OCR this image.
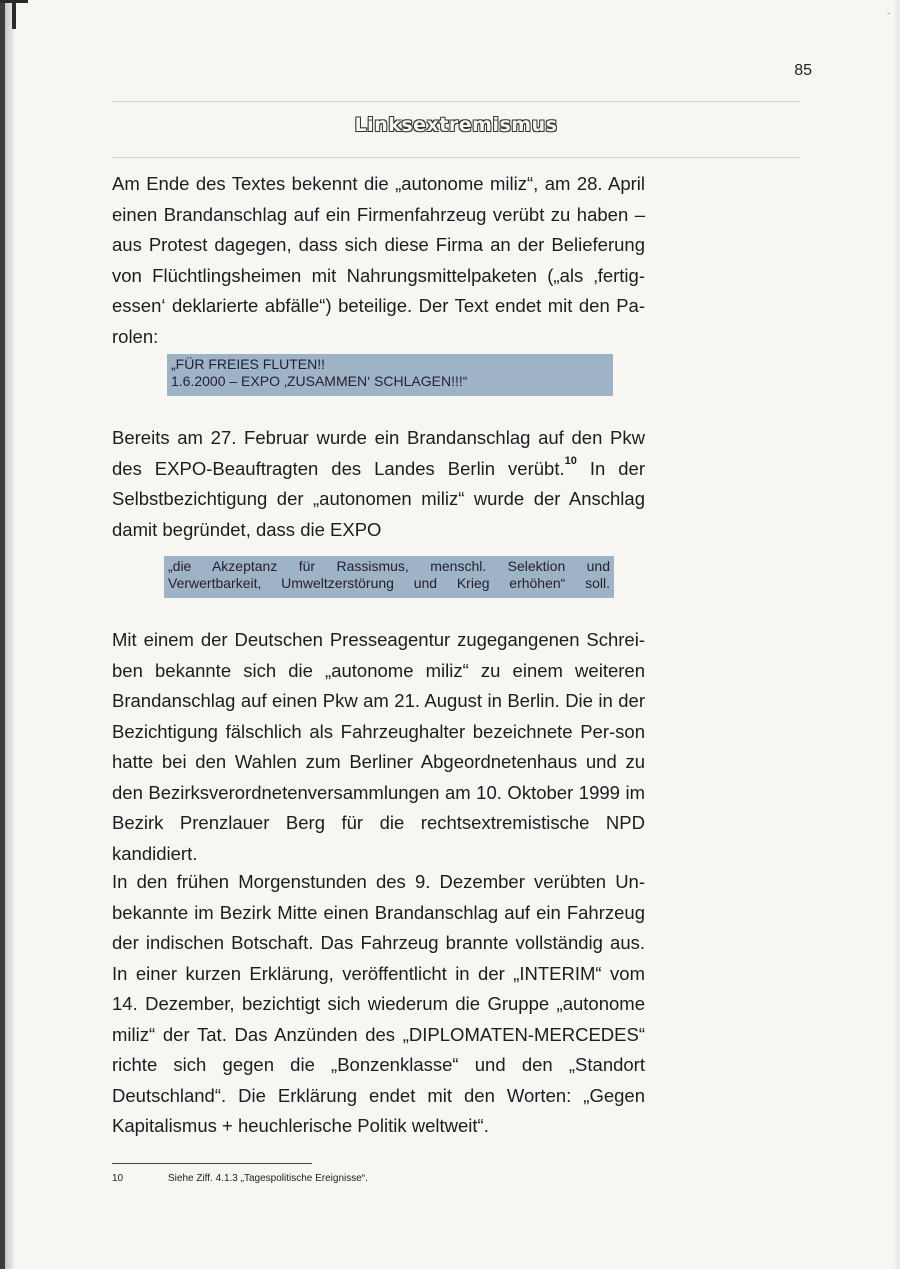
-
85
Linksextremismus

Am Ende des Textes bekennt die „autonome miliz“, am 28. April einen Brandanschlag auf ein Firmenfahrzeug verübt zu haben – aus Protest dagegen, dass sich diese Firma an der Belieferung von Flüchtlingsheimen mit Nahrungsmittelpaketen („als ‚fertig-essen‘ deklarierte abfälle“) beteilige. Der Text endet mit den Pa-rolen:

„FÜR FREIES FLUTEN!!
1.6.2000 – EXPO ‚ZUSAMMEN‘ SCHLAGEN!!!“

Bereits am 27. Februar wurde ein Brandanschlag auf den Pkw des EXPO-Beauftragten des Landes Berlin verübt.$^{10}$ In der Selbstbezichtigung der „autonomen miliz“ wurde der Anschlag damit begründet, dass die EXPO

„die Akzeptanz für Rassismus, menschl. Selektion und
Verwertbarkeit, Umweltzerstörung und Krieg erhöhen“ soll.

Mit einem der Deutschen Presseagentur zugegangenen Schrei-ben bekannte sich die „autonome miliz“ zu einem weiteren Brandanschlag auf einen Pkw am 21. August in Berlin. Die in der Bezichtigung fälschlich als Fahrzeughalter bezeichnete Per-son hatte bei den Wahlen zum Berliner Abgeordnetenhaus und zu den Bezirksverordnetenversammlungen am 10. Oktober 1999 im Bezirk Prenzlauer Berg für die rechtsextremistische NPD kandidiert.

In den frühen Morgenstunden des 9. Dezember verübten Un-bekannte im Bezirk Mitte einen Brandanschlag auf ein Fahrzeug der indischen Botschaft. Das Fahrzeug brannte vollständig aus. In einer kurzen Erklärung, veröffentlicht in der „INTERIM“ vom 14. Dezember, bezichtigt sich wiederum die Gruppe „autonome miliz“ der Tat. Das Anzünden des „DIPLOMATEN-MERCEDES“ richte sich gegen die „Bonzenklasse“ und den „Standort Deutschland“. Die Erklärung endet mit den Worten: „Gegen Kapitalismus + heuchlerische Politik weltweit“.

10	Siehe Ziff. 4.1.3 „Tagespolitische Ereignisse“.
